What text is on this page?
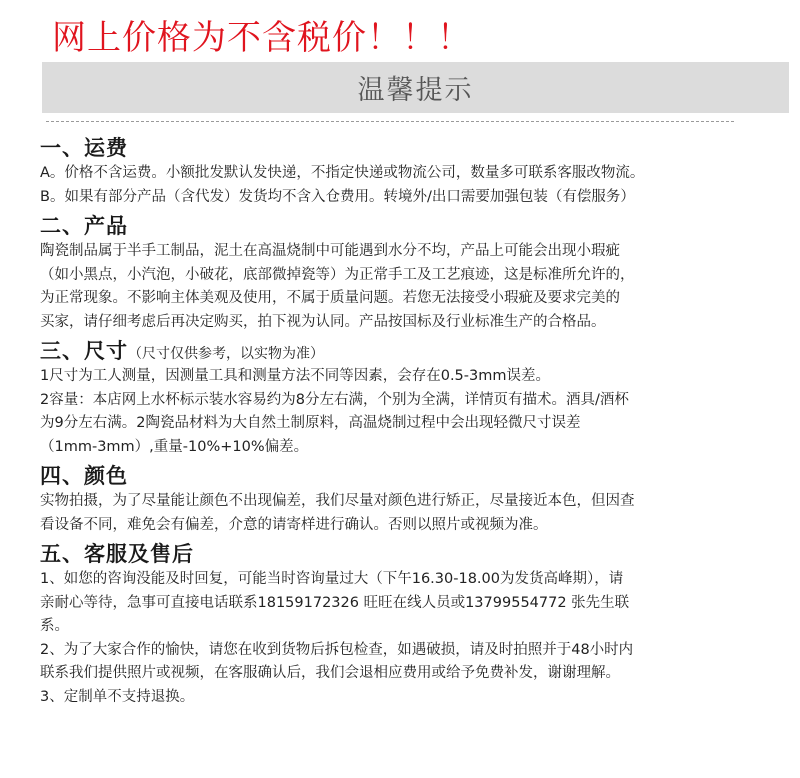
网上价格为不含税价！！！
温馨提示
一、运费
A。价格不含运费。小额批发默认发快递，不指定快递或物流公司，数量多可联系客服改物流。
B。如果有部分产品（含代发）发货均不含入仓费用。转境外/出口需要加强包装（有偿服务）
二、产品
陶瓷制品属于半手工制品，泥土在高温烧制中可能遇到水分不均，产品上可能会出现小瑕疵
（如小黑点，小汽泡，小破花，底部微掉瓷等）为正常手工及工艺痕迹，这是标准所允许的，
为正常现象。不影响主体美观及使用，不属于质量问题。若您无法接受小瑕疵及要求完美的
买家，请仔细考虑后再决定购买，拍下视为认同。产品按国标及行业标准生产的合格品。
三、尺寸（尺寸仅供参考，以实物为准）
1尺寸为工人测量，因测量工具和测量方法不同等因素，会存在0.5-3mm误差。
2容量：本店网上水杯标示装水容易约为8分左右满，个别为全满，详情页有描术。酒具/酒杯
为9分左右满。2陶瓷品材料为大自然土制原料，高温烧制过程中会出现轻微尺寸误差
（1mm-3mm）,重量-10%+10%偏差。
四、颜色
实物拍摄，为了尽量能让颜色不出现偏差，我们尽量对颜色进行矫正，尽量接近本色，但因查
看设备不同，难免会有偏差，介意的请寄样进行确认。否则以照片或视频为准。
五、客服及售后
1、如您的咨询没能及时回复，可能当时咨询量过大（下午16.30-18.00为发货高峰期），请
亲耐心等待，急事可直接电话联系18159172326 旺旺在线人员或13799554772 张先生联
系。
2、为了大家合作的愉快，请您在收到货物后拆包检查，如遇破损，请及时拍照并于48小时内
联系我们提供照片或视频，在客服确认后，我们会退相应费用或给予免费补发，谢谢理解。
3、定制单不支持退换。
